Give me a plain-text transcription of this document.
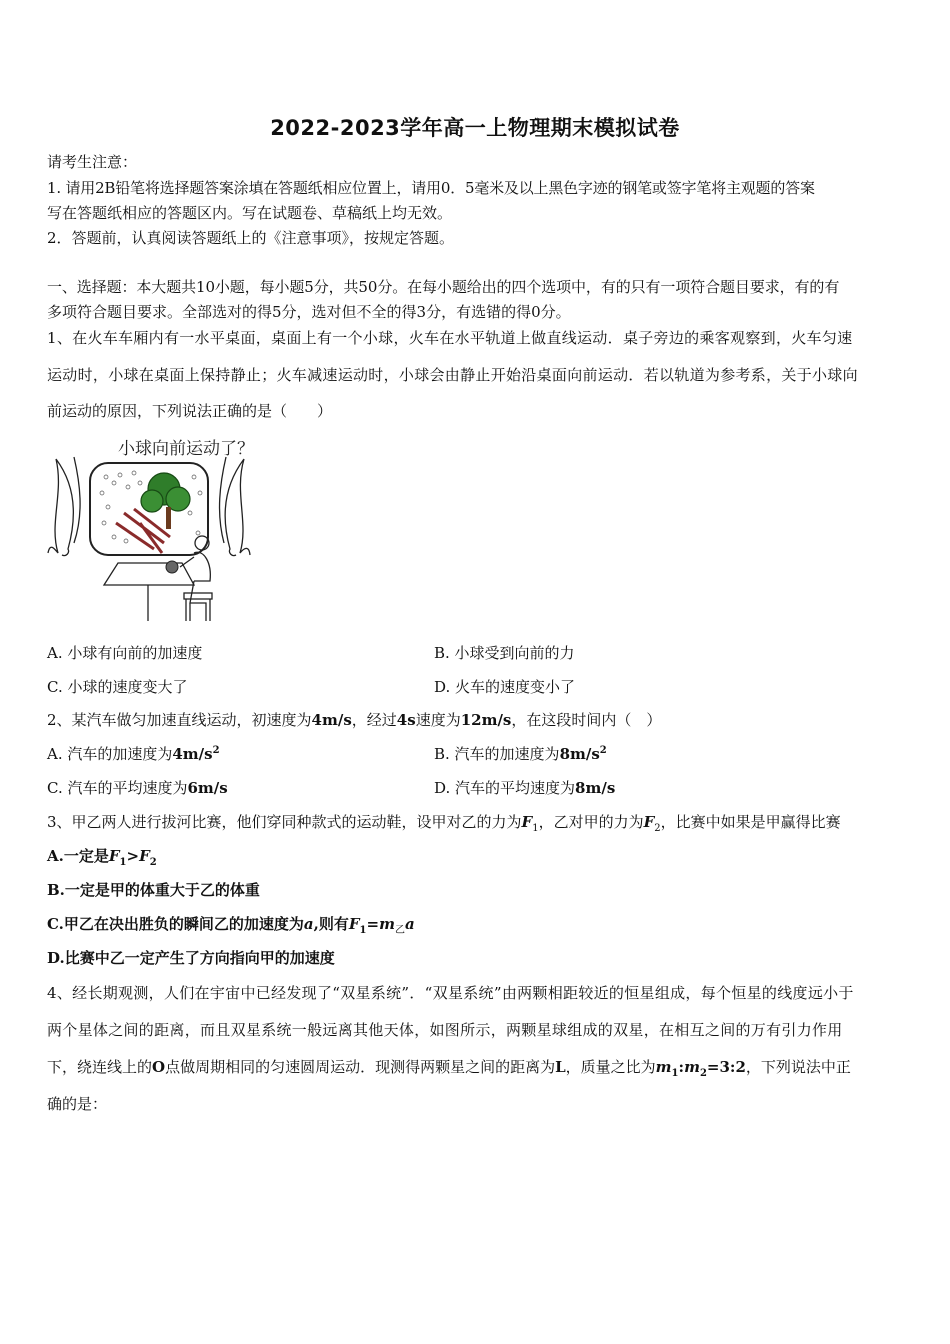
2022-2023学年高一上物理期末模拟试卷
请考生注意：
1. 请用2B铅笔将选择题答案涂填在答题纸相应位置上，请用0．5毫米及以上黑色字迹的钢笔或签字笔将主观题的答案
写在答题纸相应的答题区内。写在试题卷、草稿纸上均无效。
2．答题前，认真阅读答题纸上的《注意事项》，按规定答题。
一、选择题：本大题共10小题，每小题5分，共50分。在每小题给出的四个选项中，有的只有一项符合题目要求，有的有
多项符合题目要求。全部选对的得5分，选对但不全的得3分，有选错的得0分。
1、在火车车厢内有一水平桌面，桌面上有一个小球，火车在水平轨道上做直线运动．桌子旁边的乘客观察到，火车匀速
运动时，小球在桌面上保持静止；火车减速运动时，小球会由静止开始沿桌面向前运动．若以轨道为参考系，关于小球向
前运动的原因，下列说法正确的是（　　）
小球向前运动了？
A. 小球有向前的加速度	B. 小球受到向前的力
C. 小球的速度变大了	D. 火车的速度变小了
2、某汽车做匀加速直线运动，初速度为4m/s，经过4s速度为12m/s，在这段时间内（　）
A. 汽车的加速度为$4m/s^2$	B. 汽车的加速度为$8m/s^2$
C. 汽车的平均速度为6m/s	D. 汽车的平均速度为8m/s
3、甲乙两人进行拔河比赛，他们穿同种款式的运动鞋，设甲对乙的力为$F_1$，乙对甲的力为$F_2$，比赛中如果是甲赢得比赛
A.一定是$F_1>F_2$
B.一定是甲的体重大于乙的体重
C.甲乙在决出胜负的瞬间乙的加速度为a,则有$F_1=m_乙a$
D.比赛中乙一定产生了方向指向甲的加速度
4、经长期观测，人们在宇宙中已经发现了“双星系统”．“双星系统”由两颗相距较近的恒星组成，每个恒星的线度远小于
两个星体之间的距离，而且双星系统一般远离其他天体，如图所示，两颗星球组成的双星，在相互之间的万有引力作用
下，绕连线上的O点做周期相同的匀速圆周运动．现测得两颗星之间的距离为L，质量之比为$m_1:m_2=3:2$，下列说法中正
确的是：
